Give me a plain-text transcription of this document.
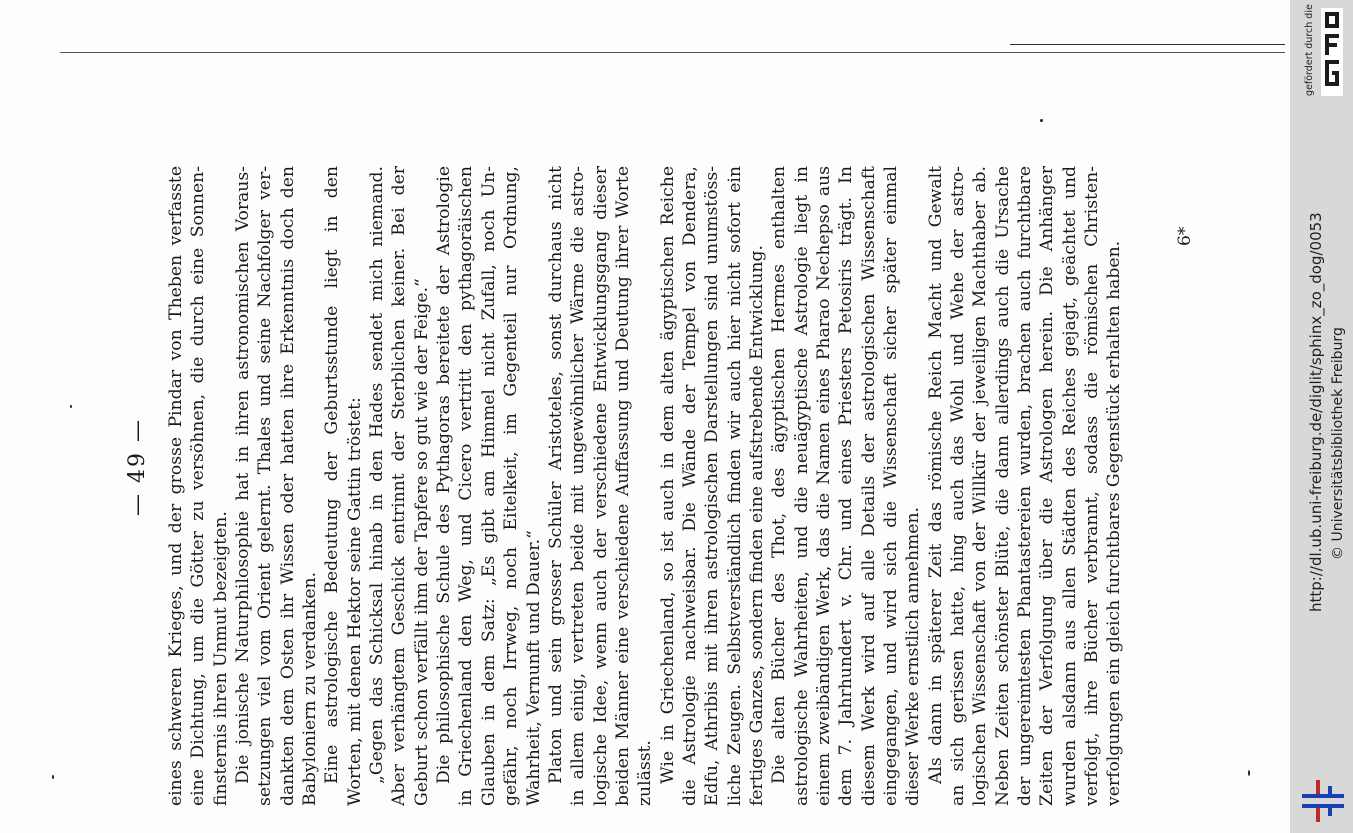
— 49 — eines schweren Krieges, und der grosse Pindar von Theben verfasste eine Dichtung, um die Götter zu versöhnen, die durch eine Sonnen- finsternis ihren Unmut bezeigten. Die jonische Naturphilosophie hat in ihren astronomischen Voraus- setzungen viel vom Orient gelernt. Thales und seine Nachfolger ver- dankten dem Osten ihr Wissen oder hatten ihre Erkenntnis doch den Babyloniern zu verdanken. Eine astrologische Bedeutung der Geburtsstunde liegt in den Worten, mit denen Hektor seine Gattin tröstet: „Gegen das Schicksal hinab in den Hades sendet mich niemand. Aber verhängtem Geschick entrinnt der Sterblichen keiner. Bei der Geburt schon verfällt ihm der Tapfere so gut wie der Feige.“ Die philosophische Schule des Pythagoras bereitete der Astrologie in Griechenland den Weg, und Cicero vertritt den pythagoräischen Glauben in dem Satz: „Es gibt am Himmel nicht Zufall, noch Un- gefähr, noch Irrweg, noch Eitelkeit, im Gegenteil nur Ordnung, Wahrheit, Vernunft und Dauer.“ Platon und sein grosser Schüler Aristoteles, sonst durchaus nicht in allem einig, vertreten beide mit ungewöhnlicher Wärme die astro- logische Idee, wenn auch der verschiedene Entwicklungsgang dieser beiden Männer eine verschiedene Auffassung und Deutung ihrer Worte zulässt. Wie in Griechenland, so ist auch in dem alten ägyptischen Reiche die Astrologie nachweisbar. Die Wände der Tempel von Dendera, Edfu, Athribis mit ihren astrologischen Darstellungen sind unumstöss- liche Zeugen. Selbstverständlich finden wir auch hier nicht sofort ein fertiges Ganzes, sondern finden eine aufstrebende Entwicklung. Die alten Bücher des Thot, des ägyptischen Hermes enthalten astrologische Wahrheiten, und die neuägyptische Astrologie liegt in einem zweibändigen Werk, das die Namen eines Pharao Nechepso aus dem 7. Jahrhundert v. Chr. und eines Priesters Petosiris trägt. In diesem Werk wird auf alle Details der astrologischen Wissenschaft eingegangen, und wird sich die Wissenschaft sicher später einmal dieser Werke ernstlich annehmen. Als dann in späterer Zeit das römische Reich Macht und Gewalt an sich gerissen hatte, hing auch das Wohl und Wehe der astro- logischen Wissenschaft von der Willkür der jeweiligen Machthaber ab. Neben Zeiten schönster Blüte, die dann allerdings auch die Ursache der ungereimtesten Phantastereien wurden, brachen auch furchtbare Zeiten der Verfolgung über die Astrologen herein. Die Anhänger wurden alsdann aus allen Städten des Reiches gejagt, geächtet und verfolgt, ihre Bücher verbrannt, sodass die römischen Christen- verfolgungen ein gleich furchtbares Gegenstück erhalten haben.
6*
gefördert durch die
http://dl.ub.uni-freiburg.de/diglit/sphinx_zo_dog/0053 © Universitätsbibliothek Freiburg
